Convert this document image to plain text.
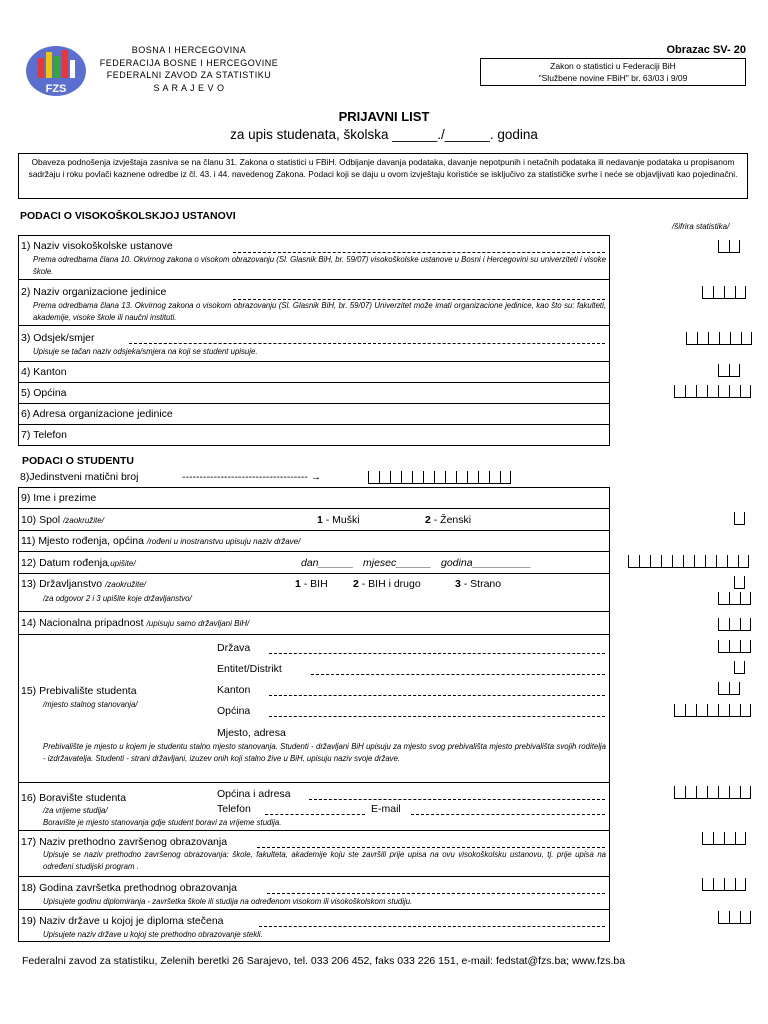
FZS
BOSNA I HERCEGOVINA
FEDERACIJA BOSNE I HERCEGOVINE
FEDERALNI ZAVOD ZA STATISTIKU
S A R A J E V O
Obrazac SV- 20
Zakon o statistici u Federaciji BiH
"Službene novine FBiH" br. 63/03 i 9/09
PRIJAVNI LIST
za upis studenata, školska ______./______. godina
Obaveza podnošenja izvještaja zasniva se na članu 31. Zakona o statistici u FBiH. Odbijanje davanja podataka, davanje nepotpunih i netačnih podataka ili nedavanje podataka u propisanom sadržaju i roku povlači kaznene odredbe iz čl. 43. i 44. navedenog Zakona. Podaci koji se daju u ovom izvještaju koristiće se isključivo za statističke svrhe i neće se objavljivati kao pojedinačni.
PODACI O VISOKOŠKOLSKJOJ USTANOVI
/šifrira statistika/
1) Naziv visokoškolske ustanove
Prema odredbama člana 10. Okvirnog zakona o visokom obrazovanju (Sl. Glasnik BiH, br. 59/07) visokoškolske ustanove u Bosni i Hercegovini su univerziteti i visoke škole.
2) Naziv organizacione jedinice
Prema odredbama člana 13. Okvirnog zakona o visokom obrazovanju (Sl. Glasnik BiH, br. 59/07) Univerzitet može imati organizacione jedinice, kao što su: fakulteti, akademije, visoke škole ili naučni instituti.
3) Odsjek/smjer
Upisuje se tačan naziv odsjeka/smjera na koji se student upisuje.
4) Kanton
5) Općina
6) Adresa organizacione jedinice
7) Telefon
PODACI O STUDENTU
8)Jedinstveni matični broj	------------------------------------ →
9) Ime i prezime
10) Spol /zaokružite/	1 - Muški	2 - Ženski
11) Mjesto rođenja, općina /rođeni u inostranstvu upisuju naziv države/
12) Datum rođenja,upišite/	dan______ mjesec______ godina__________
13) Državljanstvo /zaokružite/
/za odgovor 2 i 3 upišite koje državljanstvo/
1 - BIH 2 - BIH i drugo	3 - Strano
14) Nacionalna pripadnost /upisuju samo državljani BiH/
15) Prebivalište studenta
/mjesto stalnog stanovanja/
Država
Entitet/Distrikt
Kanton
Općina
Mjesto, adresa
Prebivalište je mjesto u kojem je studentu stalno mjesto stanovanja. Studenti - državljani BiH upisuju za mjesto svog prebivališta mjesto prebivališta svojih roditelja - izdržavatelja. Studenti - strani državljani, izuzev onih koji stalno žive u BiH, upisuju naziv svoje države.
16) Boravište studenta
/za vrijeme studija/
Općina i adresa
Telefon	E-mail
Boravište je mjesto stanovanja gdje student boravi za vrijeme studija.
17) Naziv prethodno završenog obrazovanja
Upisuje se naziv prethodno završenog obrazovanja: škole, fakulteta, akademije koju ste završili prije upisa na ovu visokoškolsku ustanovu, tj. prije upisa na određeni studijski program .
18) Godina završetka prethodnog obrazovanja
Upisujete godinu diplomiranja - završetka škole ili studija na određenom visokom ili visokoškolskom studiju.
19) Naziv države u kojoj je diploma stečena
Upisujete naziv države u kojoj ste prethodno obrazovanje stekli.
Federalni zavod za statistiku, Zelenih beretki 26 Sarajevo, tel. 033 206 452, faks 033 226 151, e-mail: fedstat@fzs.ba; www.fzs.ba
